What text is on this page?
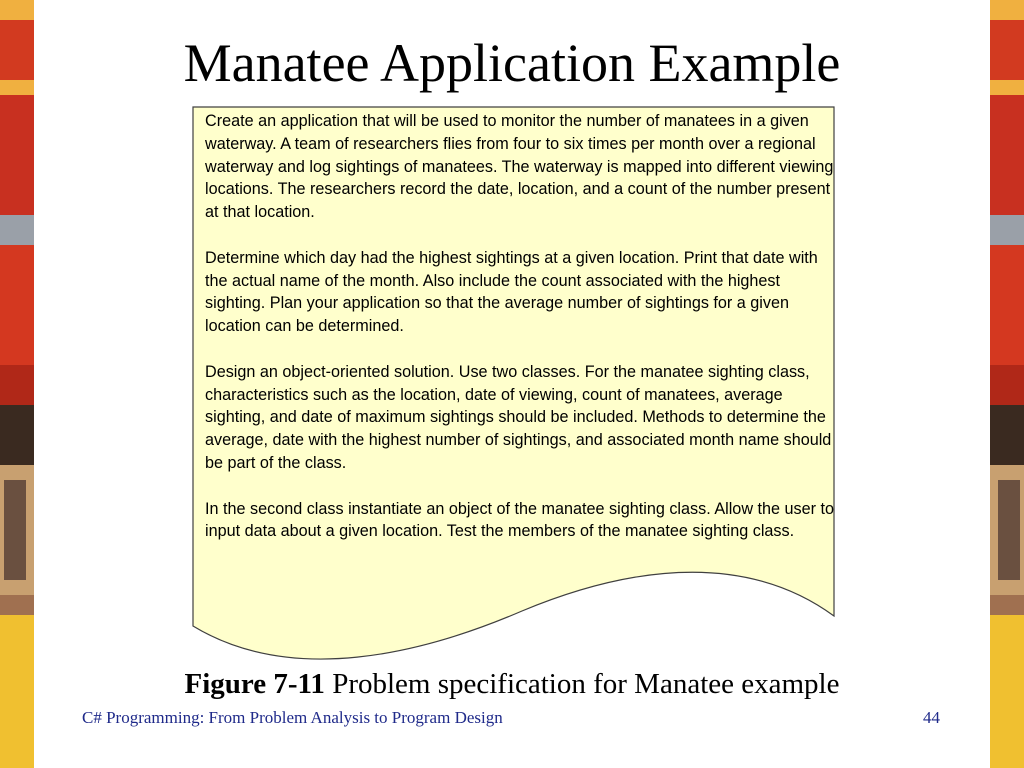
Manatee Application Example

Create an application that will be used to monitor the number of manatees in a given waterway. A team of researchers flies from four to six times per month over a regional waterway and log sightings of manatees. The waterway is mapped into different viewing locations. The researchers record the date, location, and a count of the number present at that location.

Determine which day had the highest sightings at a given location. Print that date with the actual name of the month. Also include the count associated with the highest sighting. Plan your application so that the average number of sightings for a given location can be determined.

Design an object-oriented solution. Use two classes. For the manatee sighting class, characteristics such as the location, date of viewing, count of manatees, average sighting, and date of maximum sightings should be included. Methods to determine the average, date with the highest number of sightings, and associated month name should be part of the class.

In the second class instantiate an object of the manatee sighting class. Allow the user to input data about a given location. Test the members of the manatee sighting class.

Figure 7-11 Problem specification for Manatee example
C# Programming: From Problem Analysis to Program Design	44
